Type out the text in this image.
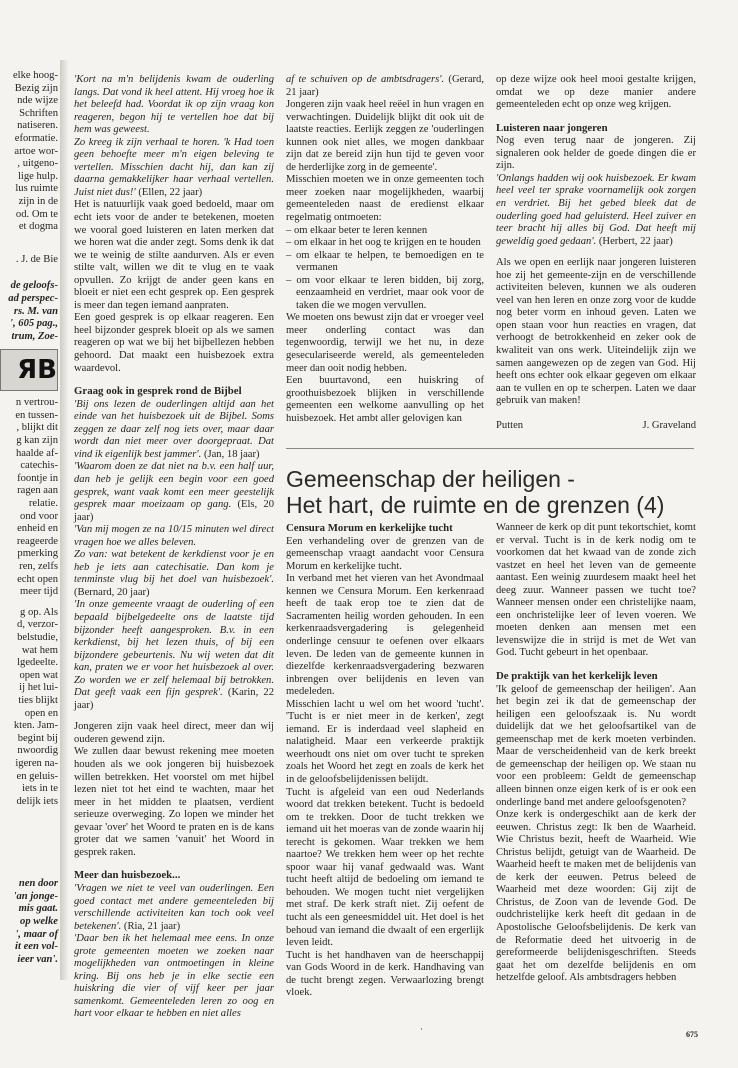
elke hoog-
Bezig zijn
nde wijze
Schriften
natiseren.
eformatie.
artoe wor-
, uitgeno-
lige hulp.
lus ruimte
zijn in de
od. Om te
et dogma
. J. de Bie
de geloofs-
ad perspec-
rs. M. van
', 605 pag.,
trum, Zoe-
ЯB
n vertrou-
en tussen-
, blijkt dit
g kan zijn
haalde af-
catechis-
foontje in
ragen aan
relatie.
ond voor
enheid en
reageerde
pmerking
ren, zelfs
echt open
meer tijd
g op. Als
d, verzor-
belstudie,
wat hem
lgedeelte.
open wat
ij het lui-
ties blijkt
open en
kten. Jam-
begint bij
nwoordig
igeren na-
en geluis-
iets in te
delijk iets
nen door
'an jonge-
mis gaat.
op welke
', maar of
it een vol-
ieer van'.

'Kort na m'n belijdenis kwam de ouderling langs. Dat vond ik heel attent. Hij vroeg hoe ik het beleefd had. Voordat ik op zijn vraag kon reageren, begon hij te vertellen hoe dat bij hem was geweest.

Zo kreeg ik zijn verhaal te horen. 'k Had toen geen behoefte meer m'n eigen beleving te vertellen. Misschien dacht hij, dan kan zij daarna gemakkelijker haar verhaal vertellen. Juist niet dus!' (Ellen, 22 jaar)

Het is natuurlijk vaak goed bedoeld, maar om echt iets voor de ander te betekenen, moeten we vooral goed luisteren en laten merken dat we horen wat die ander zegt. Soms denk ik dat we te weinig de stilte aandurven. Als er even stilte valt, willen we dit te vlug en te vaak opvullen. Zo krijgt de ander geen kans en bloeit er niet een echt gesprek op. Een gesprek is meer dan tegen iemand aanpraten.

Een goed gesprek is op elkaar reageren. Een heel bijzonder gesprek bloeit op als we samen reageren op wat we bij het bijbellezen hebben gehoord. Dat maakt een huisbezoek extra waardevol.

Graag ook in gesprek rond de Bijbel

'Bij ons lezen de ouderlingen altijd aan het einde van het huisbezoek uit de Bijbel. Soms zeggen ze daar zelf nog iets over, maar daar wordt dan niet meer over doorgepraat. Dat vind ik eigenlijk best jammer'. (Jan, 18 jaar)

'Waarom doen ze dat niet na b.v. een half uur, dan heb je gelijk een begin voor een goed gesprek, want vaak komt een meer geestelijk gesprek maar moeizaam op gang. (Els, 20 jaar)

'Van mij mogen ze na 10/15 minuten wel direct vragen hoe we alles beleven.

Zo van: wat betekent de kerkdienst voor je en heb je iets aan catechisatie. Dan kom je tenminste vlug bij het doel van huisbezoek'. (Bernard, 20 jaar)

'In onze gemeente vraagt de ouderling of een bepaald bijbelgedeelte ons de laatste tijd bijzonder heeft aangesproken. B.v. in een kerkdienst, bij het lezen thuis, of bij een bijzondere gebeurtenis. Nu wij weten dat dit kan, praten we er voor het huisbezoek al over. Zo worden we er zelf helemaal bij betrokken. Dat geeft vaak een fijn gesprek'. (Karin, 22 jaar)

Jongeren zijn vaak heel direct, meer dan wij ouderen gewend zijn.

We zullen daar bewust rekening mee moeten houden als we ook jongeren bij huisbezoek willen betrekken. Het voorstel om met hijbel lezen niet tot het eind te wachten, maar het meer in het midden te plaatsen, verdient serieuze overweging. Zo lopen we minder het gevaar 'over' het Woord te praten en is de kans groter dat we samen 'vanuit' het Woord in gesprek raken.

Meer dan huisbezoek...

'Vragen we niet te veel van ouderlingen. Een goed contact met andere gemeenteleden bij verschillende activiteiten kan toch ook veel betekenen'. (Ria, 21 jaar)

'Daar ben ik het helemaal mee eens. In onze grote gemeenten moeten we zoeken naar mogelijkheden van ontmoetingen in kleine kring. Bij ons heb je in elke sectie een huiskring die vier of vijf keer per jaar samenkomt. Gemeenteleden leren zo oog en hart voor elkaar te hebben en niet alles

af te schuiven op de ambtsdragers'. (Gerard, 21 jaar)

Jongeren zijn vaak heel reëel in hun vragen en verwachtingen. Duidelijk blijkt dit ook uit de laatste reacties. Eerlijk zeggen ze 'ouderlingen kunnen ook niet alles, we mogen dankbaar zijn dat ze bereid zijn hun tijd te geven voor de herderlijke zorg in de gemeente'.

Misschien moeten we in onze gemeenten toch meer zoeken naar mogelijkheden, waarbij gemeenteleden naast de eredienst elkaar regelmatig ontmoeten:

– om elkaar beter te leren kennen
– om elkaar in het oog te krijgen en te houden
– om elkaar te helpen, te bemoedigen en te vermanen
– om voor elkaar te leren bidden, bij zorg, eenzaamheid en verdriet, maar ook voor de taken die we mogen vervullen.

We moeten ons bewust zijn dat er vroeger veel meer onderling contact was dan tegenwoordig, terwijl we het nu, in deze geseculariseerde wereld, als gemeenteleden meer dan ooit nodig hebben.

Een buurtavond, een huiskring of groothuisbezoek blijken in verschillende gemeenten een welkome aanvulling op het huisbezoek. Het ambt aller gelovigen kan

op deze wijze ook heel mooi gestalte krijgen, omdat we op deze manier andere gemeenteleden echt op onze weg krijgen.

Luisteren naar jongeren

Nog even terug naar de jongeren. Zij signaleren ook helder de goede dingen die er zijn.

'Onlangs hadden wij ook huisbezoek. Er kwam heel veel ter sprake voornamelijk ook zorgen en verdriet. Bij het gebed bleek dat de ouderling goed had geluisterd. Heel zuiver en teer bracht hij alles bij God. Dat heeft mij geweldig goed gedaan'. (Herbert, 22 jaar)

Als we open en eerlijk naar jongeren luisteren hoe zij het gemeente-zijn en de verschillende activiteiten beleven, kunnen we als ouderen veel van hen leren en onze zorg voor de kudde nog beter vorm en inhoud geven. Laten we open staan voor hun reacties en vragen, dat verhoogt de betrokkenheid en zeker ook de kwaliteit van ons werk. Uiteindelijk zijn we samen aangewezen op de zegen van God. Hij heeft ons echter ook elkaar gegeven om elkaar aan te vullen en op te scherpen. Laten we daar gebruik van maken!

Putten	J. Graveland
Gemeenschap der heiligen -
Het hart, de ruimte en de grenzen (4)
Censura Morum en kerkelijke tucht

Een verhandeling over de grenzen van de gemeenschap vraagt aandacht voor Censura Morum en kerkelijke tucht.

In verband met het vieren van het Avondmaal kennen we Censura Morum. Een kerkenraad heeft de taak erop toe te zien dat de Sacramenten heilig worden gehouden. In een kerkenraadsvergadering is gelegenheid onderlinge censuur te oefenen over elkaars leven. De leden van de gemeente kunnen in diezelfde kerkenraadsvergadering bezwaren inbrengen over belijdenis en leven van medeleden.

Misschien lacht u wel om het woord 'tucht'. 'Tucht is er niet meer in de kerken', zegt iemand. Er is inderdaad veel slapheid en nalatigheid. Maar een verkeerde praktijk weerhoudt ons niet om over tucht te spreken zoals het Woord het zegt en zoals de kerk het in de geloofsbelijdenissen belijdt.

Tucht is afgeleid van een oud Nederlands woord dat trekken betekent. Tucht is bedoeld om te trekken. Door de tucht trekken we iemand uit het moeras van de zonde waarin hij terecht is gekomen. Waar trekken we hem naartoe? We trekken hem weer op het rechte spoor waar hij vanaf gedwaald was. Want tucht heeft altijd de bedoeling om iemand te behouden. We mogen tucht niet vergelijken met straf. De kerk straft niet. Zij oefent de tucht als een geneesmiddel uit. Het doel is het behoud van iemand die dwaalt of een ergerlijk leven leidt.

Tucht is het handhaven van de heerschappij van Gods Woord in de kerk. Handhaving van de tucht brengt zegen. Verwaarlozing brengt vloek.

Wanneer de kerk op dit punt tekortschiet, komt er verval. Tucht is in de kerk nodig om te voorkomen dat het kwaad van de zonde zich vastzet en heel het leven van de gemeente aantast. Een weinig zuurdesem maakt heel het deeg zuur. Wanneer passen we tucht toe? Wanneer mensen onder een christelijke naam, een onchristelijke leer of leven voeren. We moeten denken aan mensen met een levenswijze die in strijd is met de Wet van God. Tucht gebeurt in het openbaar.

De praktijk van het kerkelijk leven

'Ik geloof de gemeenschap der heiligen'. Aan het begin zei ik dat de gemeenschap der heiligen een geloofszaak is. Nu wordt duidelijk dat we het geloofsartikel van de gemeenschap met de kerk moeten verbinden. Maar de verscheidenheid van de kerk breekt de gemeenschap der heiligen op. We staan nu voor een probleem: Geldt de gemeenschap alleen binnen onze eigen kerk of is er ook een onderlinge band met andere geloofsgenoten?

Onze kerk is ondergeschikt aan de kerk der eeuwen. Christus zegt: Ik ben de Waarheid. Wie Christus bezit, heeft de Waarheid. Wie Christus belijdt, getuigt van de Waarheid. De Waarheid heeft te maken met de belijdenis van de kerk der eeuwen. Petrus beleed de Waarheid met deze woorden: Gij zijt de Christus, de Zoon van de levende God. De oudchristelijke kerk heeft dit gedaan in de Apostolische Geloofsbelijdenis. De kerk van de Reformatie deed het uitvoerig in de gereformeerde belijdenisgeschriften. Steeds gaat het om dezelfde belijdenis en om hetzelfde geloof. Als ambtsdragers hebben

·
675
